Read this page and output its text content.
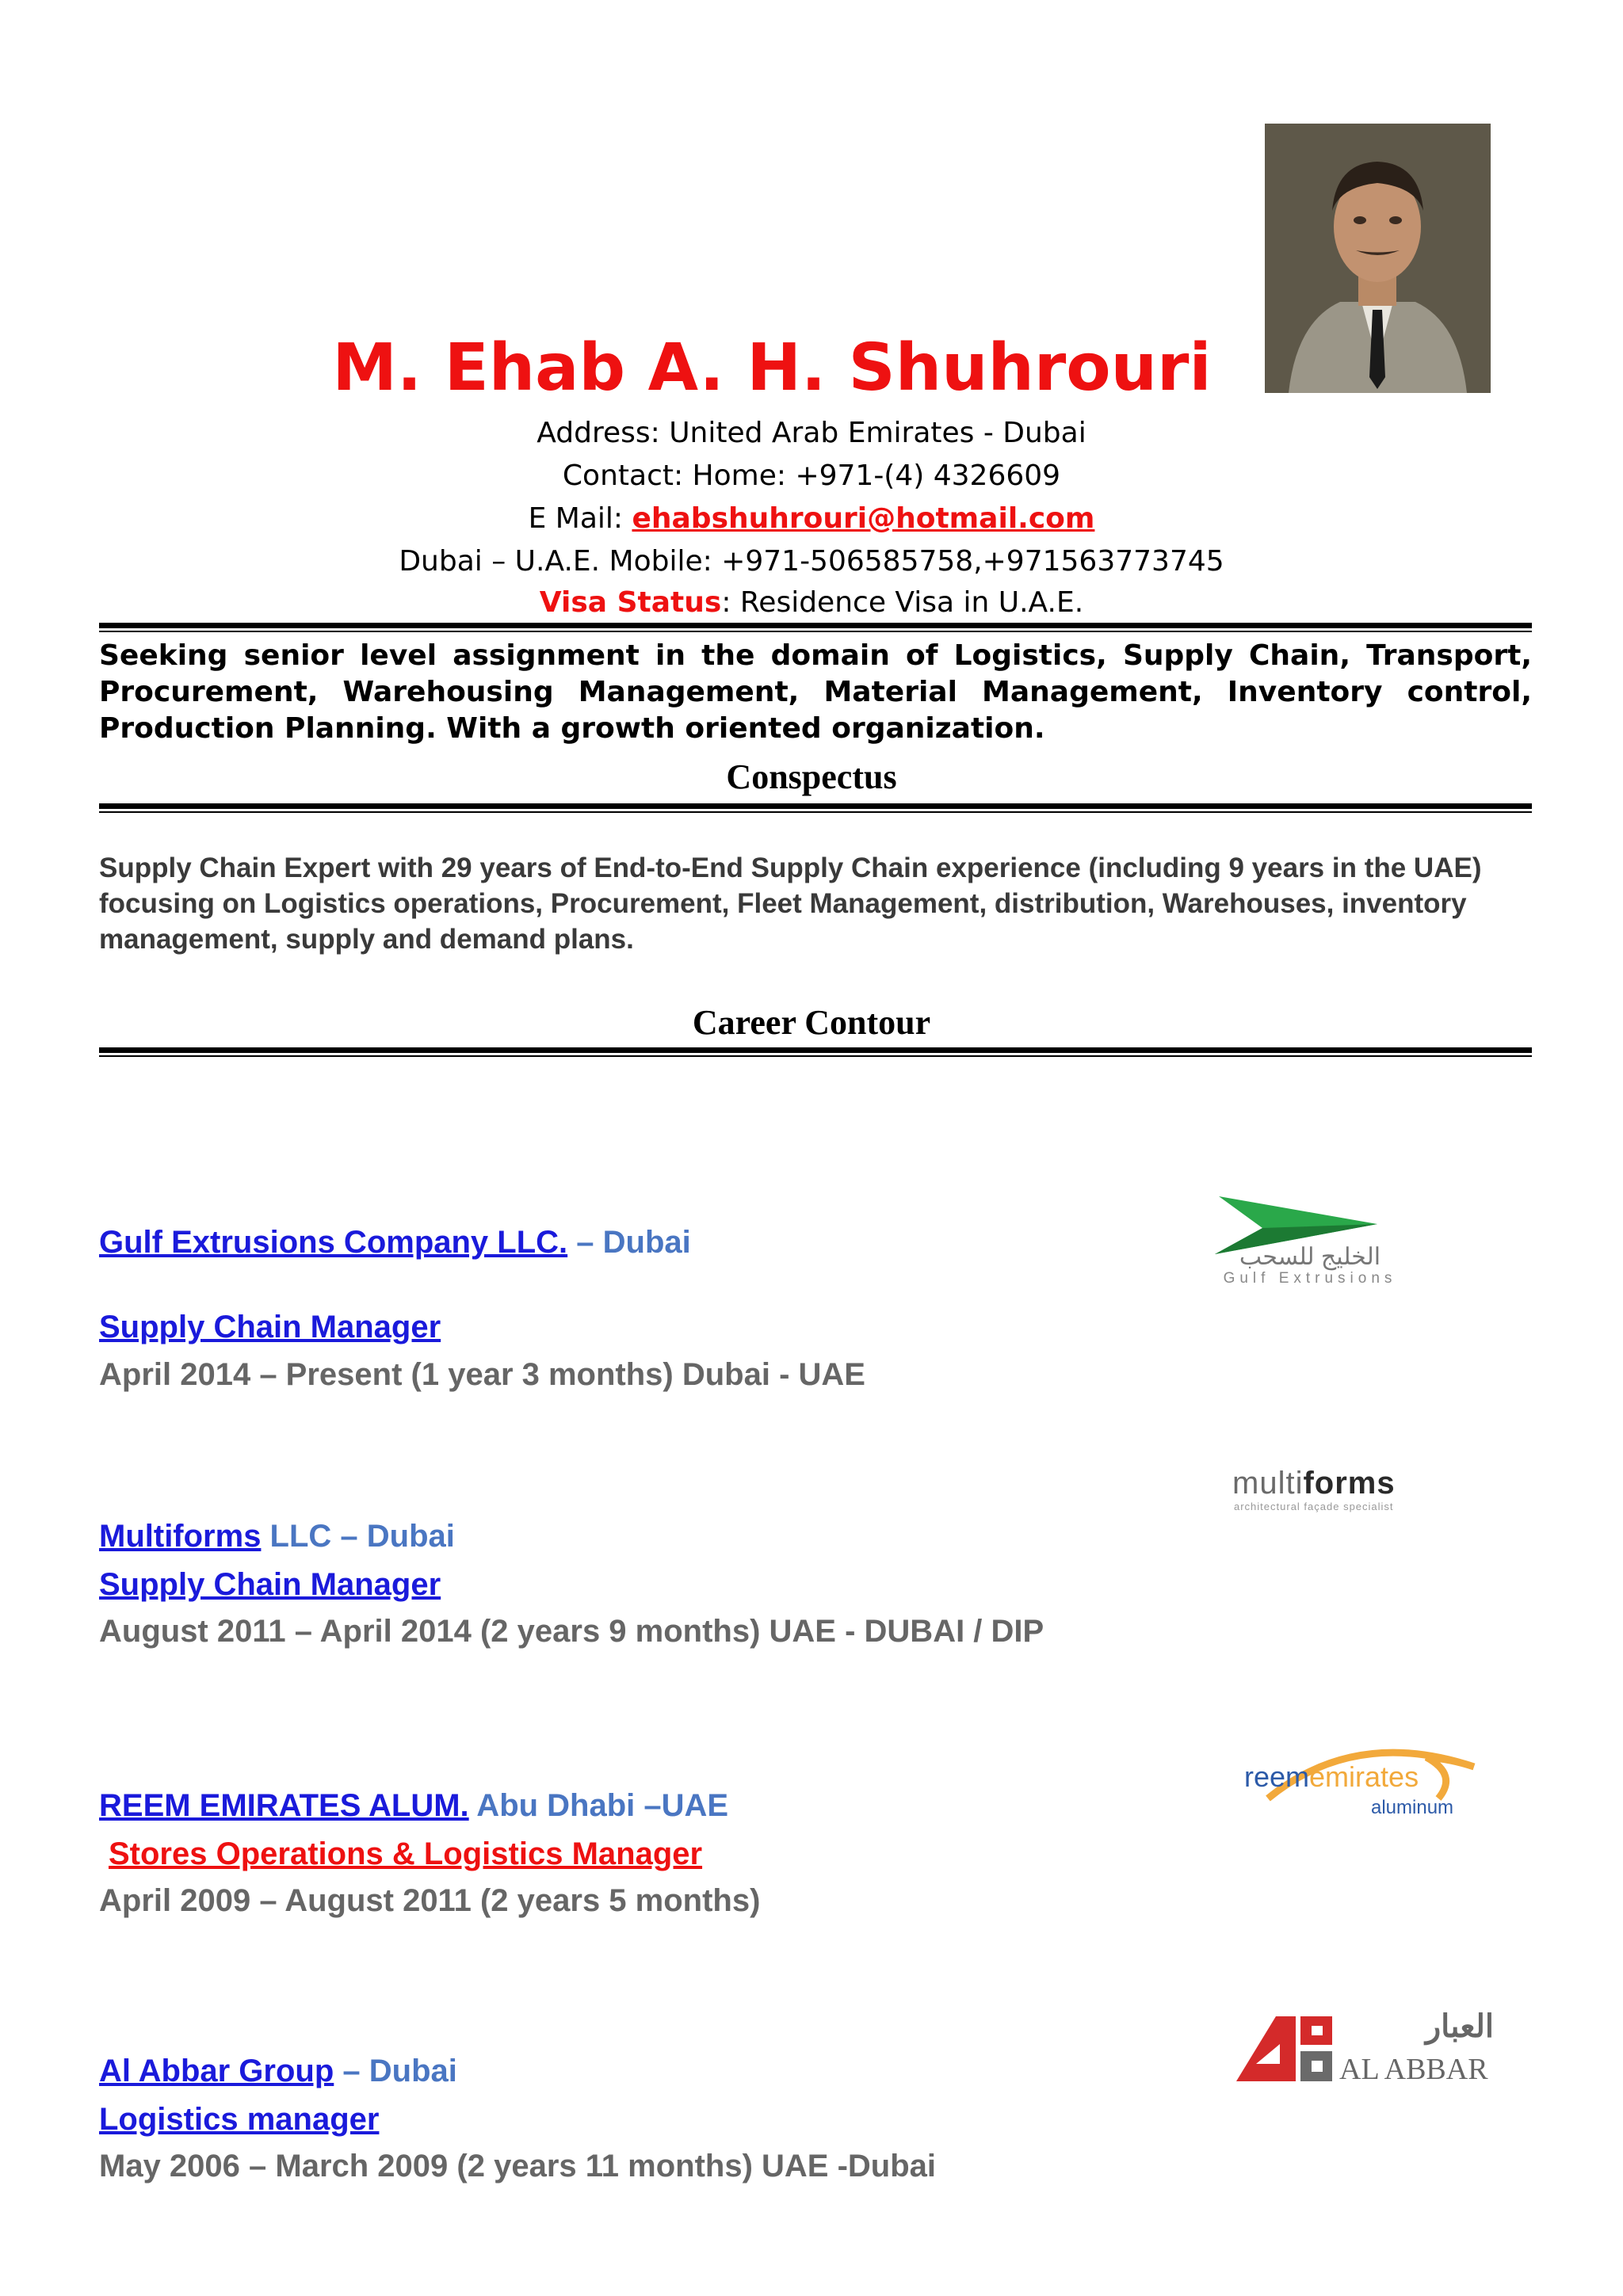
M. Ehab A. H. Shuhrouri
Address: United Arab Emirates - Dubai
Contact: Home: +971-(4) 4326609
E Mail: ehabshuhrouri@hotmail.com
Dubai – U.A.E. Mobile: +971-506585758,+971563773745
Visa Status: Residence Visa in U.A.E.
Seeking senior level assignment in the domain of Logistics, Supply Chain, Transport, Procurement, Warehousing Management, Material Management, Inventory control, Production Planning. With a growth oriented organization.
Conspectus
Supply Chain Expert with 29 years of End-to-End Supply Chain experience (including 9 years in the UAE) focusing on Logistics operations, Procurement, Fleet Management, distribution, Warehouses, inventory management, supply and demand plans.
Career Contour
Gulf Extrusions Company LLC. – Dubai
Supply Chain Manager
April 2014 – Present (1 year 3 months) Dubai - UAE
الخليج للسحب
Gulf Extrusions
multiforms
architectural façade specialist
Multiforms LLC – Dubai
Supply Chain Manager
August 2011 – April 2014 (2 years 9 months) UAE - DUBAI / DIP
reememirates
aluminum
REEM EMIRATES ALUM. Abu Dhabi –UAE
Stores Operations & Logistics Manager
April 2009 – August 2011 (2 years 5 months)
العبار
AL ABBAR
Al Abbar Group – Dubai
Logistics manager
May 2006 – March 2009 (2 years 11 months) UAE -Dubai
